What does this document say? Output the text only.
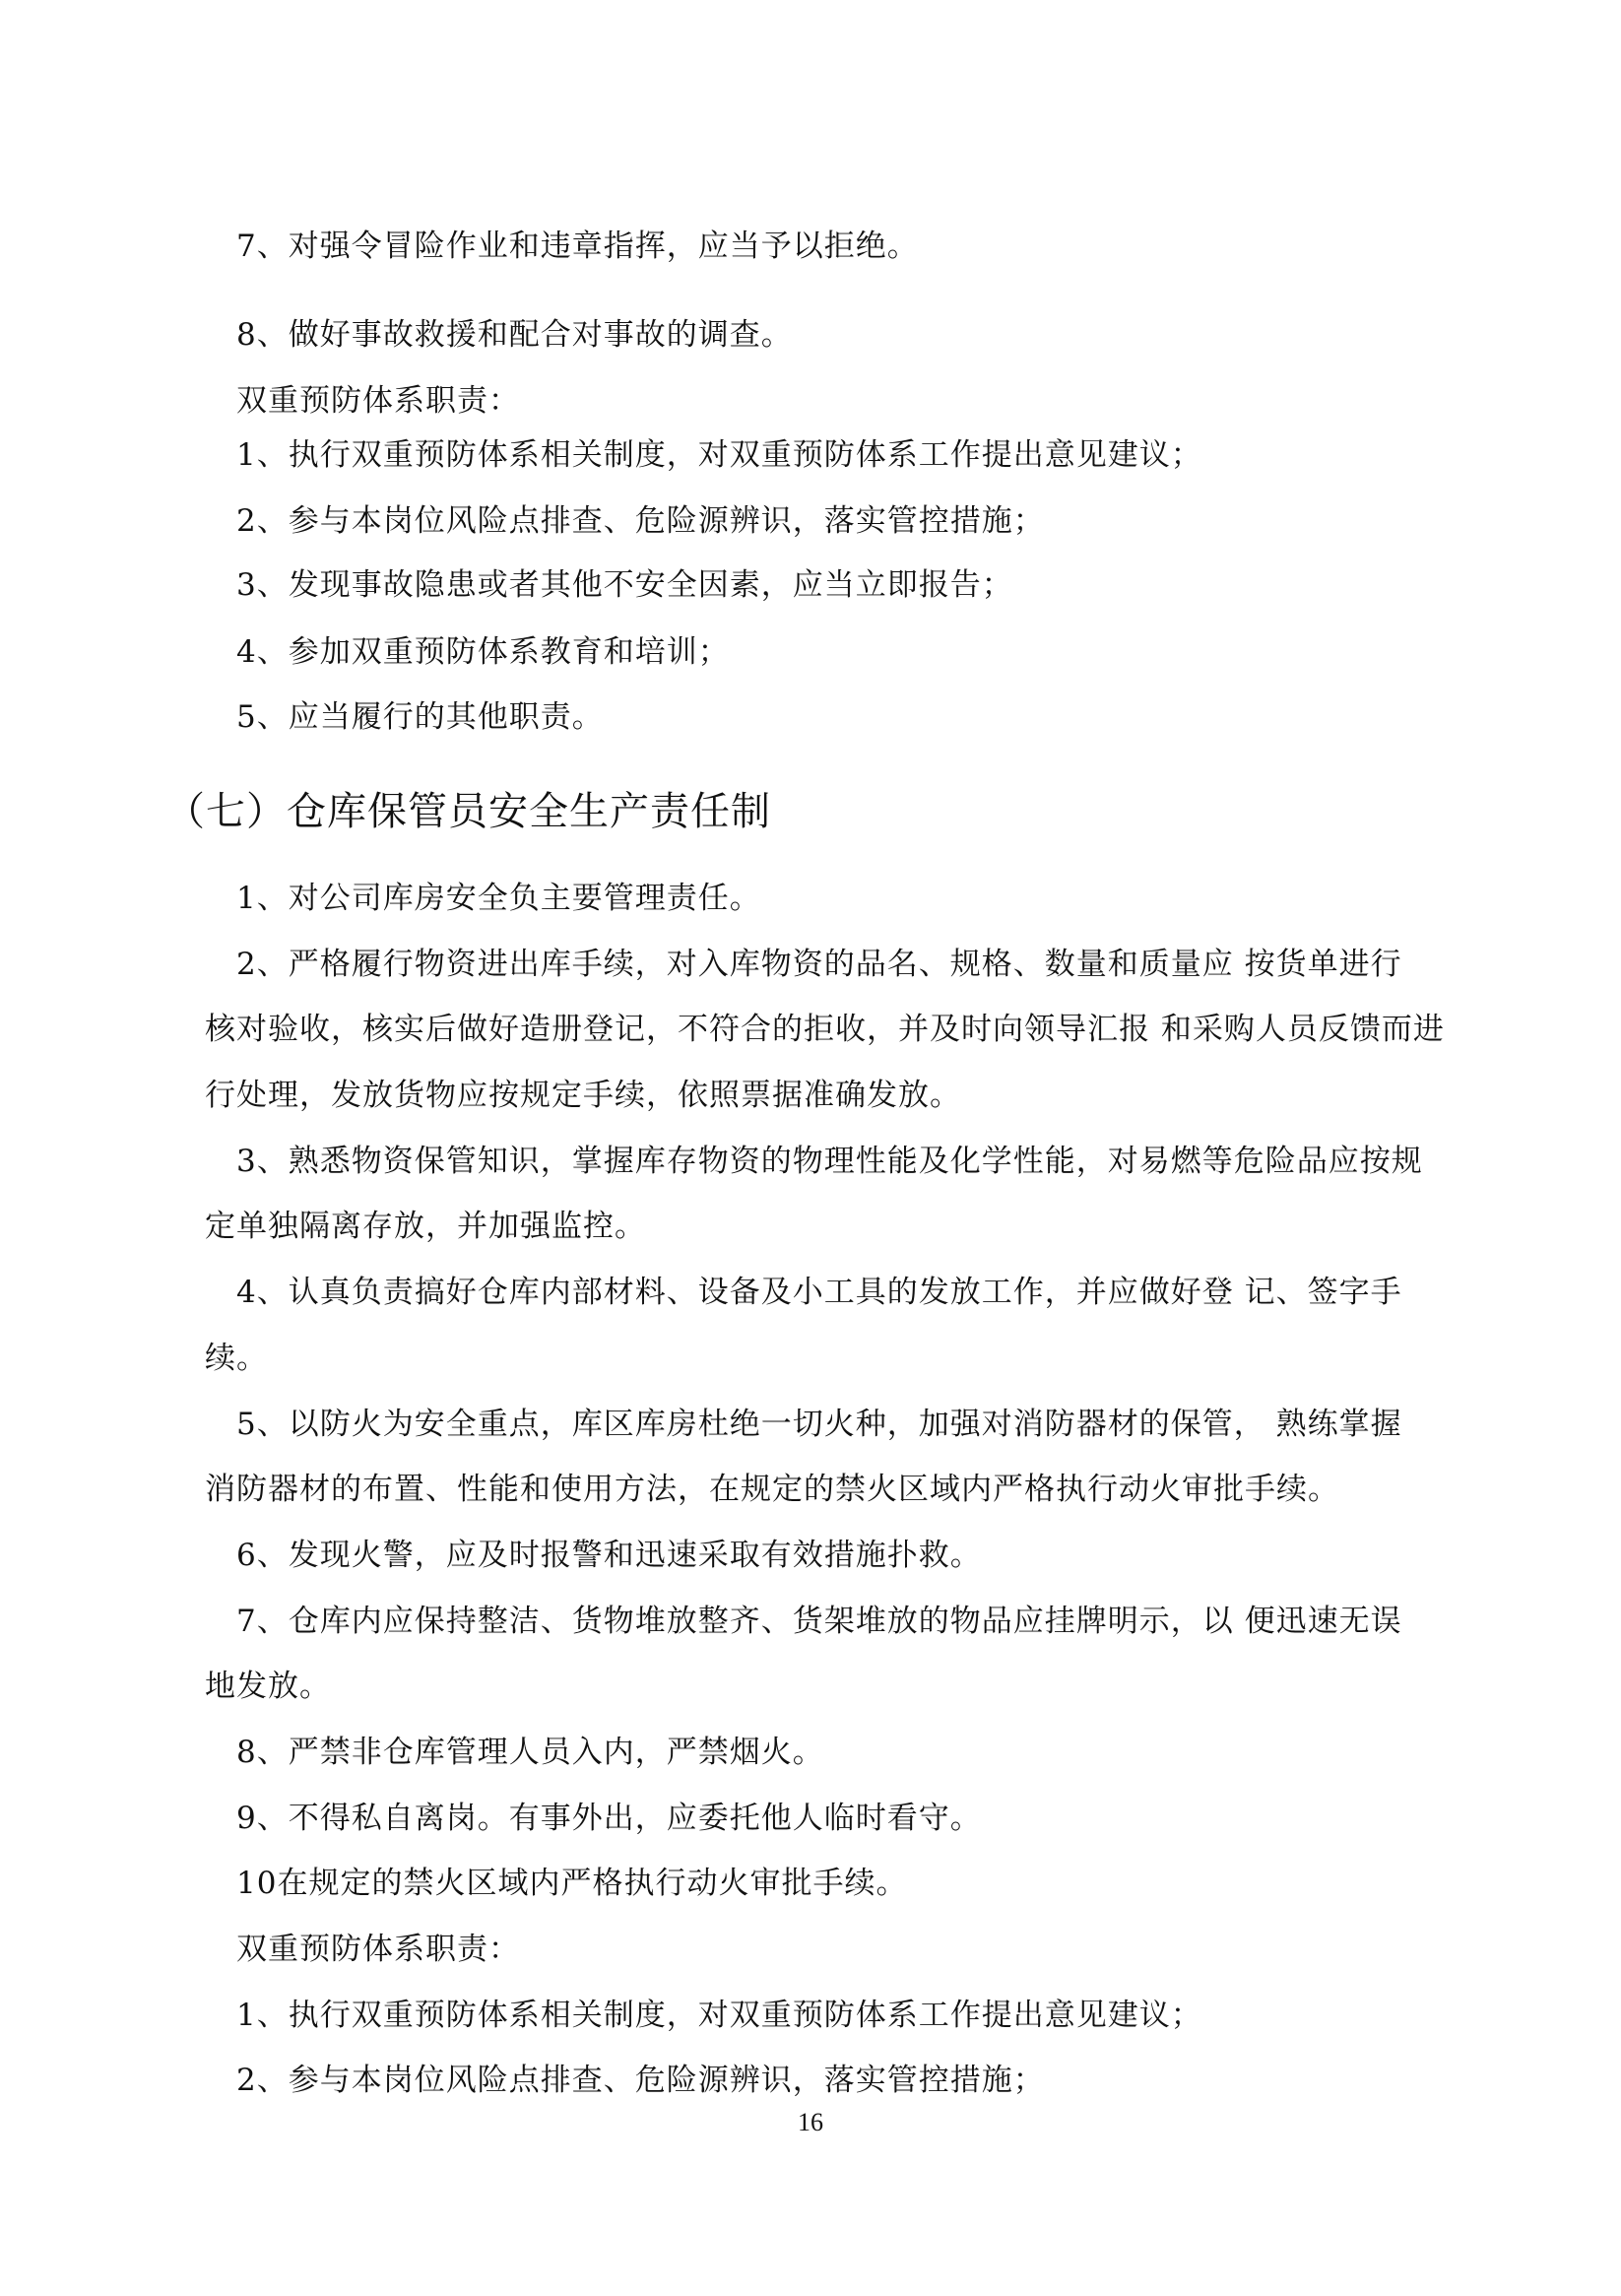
7、对强令冒险作业和违章指挥，应当予以拒绝。
8、做好事故救援和配合对事故的调查。
双重预防体系职责：
1、执行双重预防体系相关制度，对双重预防体系工作提出意见建议；
2、参与本岗位风险点排查、危险源辨识，落实管控措施；
3、发现事故隐患或者其他不安全因素，应当立即报告；
4、参加双重预防体系教育和培训；
5、应当履行的其他职责。
（七）仓库保管员安全生产责任制
1、对公司库房安全负主要管理责任。
2、严格履行物资进出库手续，对入库物资的品名、规格、数量和质量应 按货单进行
核对验收，核实后做好造册登记，不符合的拒收，并及时向领导汇报 和采购人员反馈而进
行处理，发放货物应按规定手续，依照票据准确发放。
3、熟悉物资保管知识，掌握库存物资的物理性能及化学性能，对易燃等危险品应按规
定单独隔离存放，并加强监控。
4、认真负责搞好仓库内部材料、设备及小工具的发放工作，并应做好登 记、签字手
续。
5、以防火为安全重点，库区库房杜绝一切火种，加强对消防器材的保管， 熟练掌握
消防器材的布置、性能和使用方法，在规定的禁火区域内严格执行动火审批手续。
6、发现火警，应及时报警和迅速采取有效措施扑救。
7、仓库内应保持整洁、货物堆放整齐、货架堆放的物品应挂牌明示，以 便迅速无误
地发放。
8、严禁非仓库管理人员入内，严禁烟火。
9、不得私自离岗。有事外出，应委托他人临时看守。
10在规定的禁火区域内严格执行动火审批手续。
双重预防体系职责：
1、执行双重预防体系相关制度，对双重预防体系工作提出意见建议；
2、参与本岗位风险点排查、危险源辨识，落实管控措施；
16
